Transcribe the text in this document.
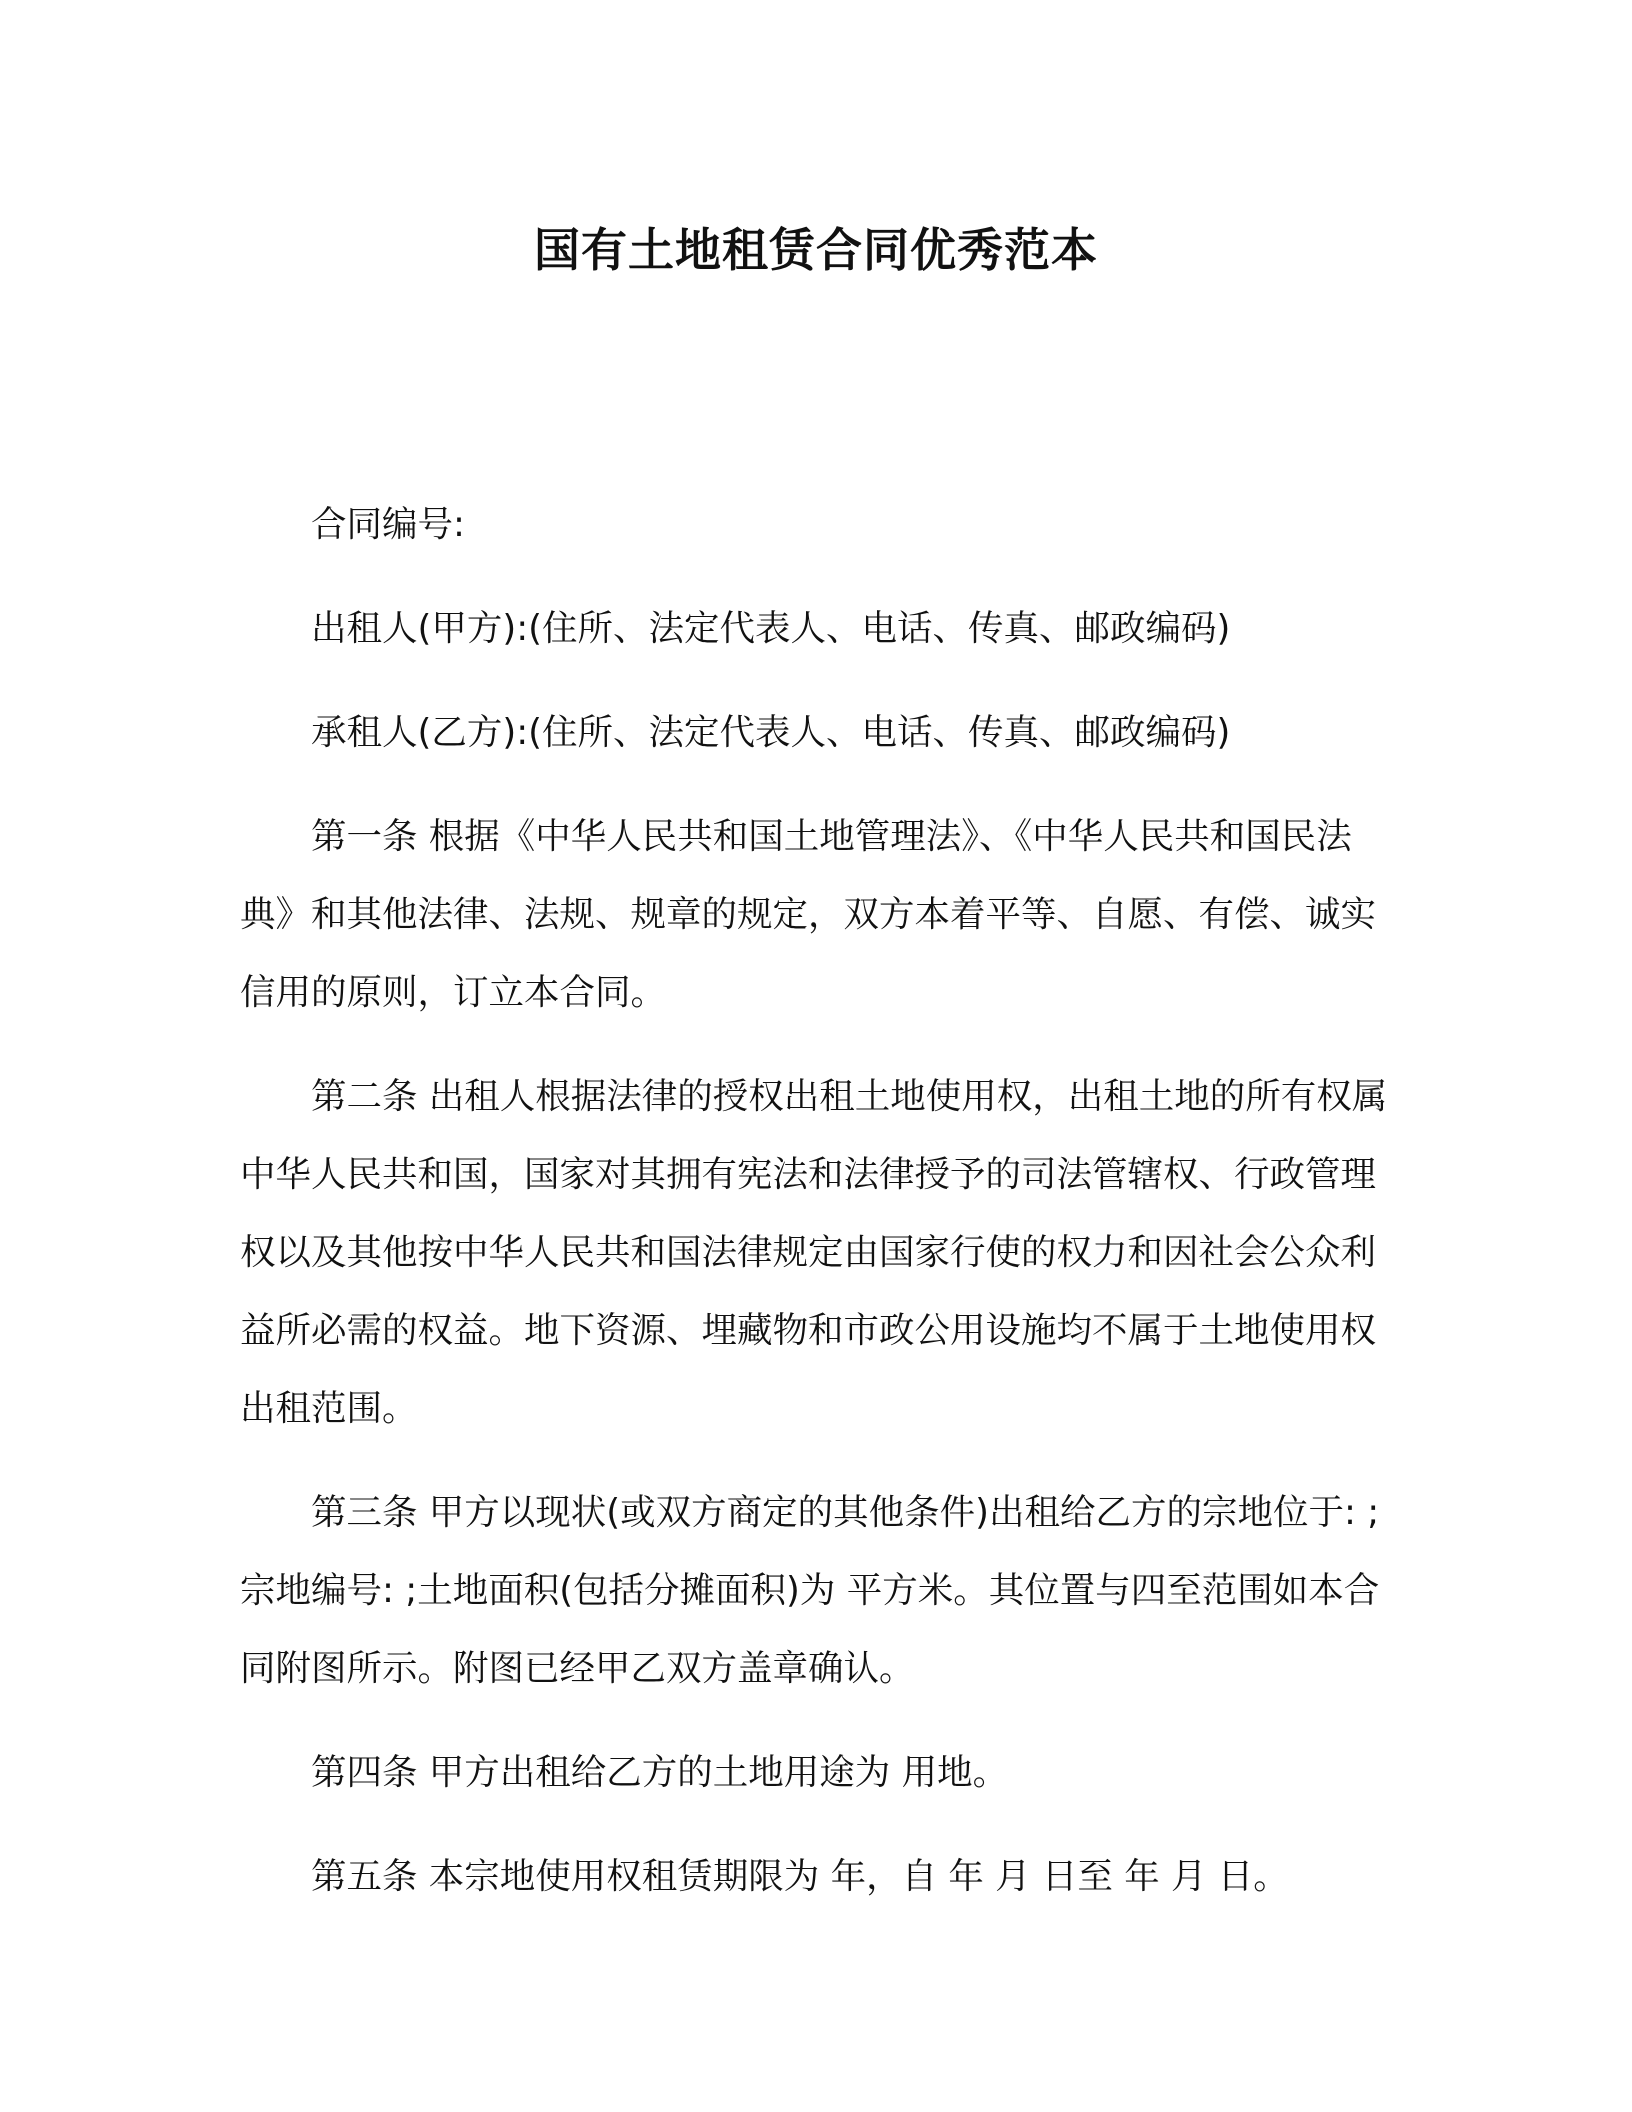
国有土地租赁合同优秀范本

合同编号:

出租人(甲方):(住所、法定代表人、电话、传真、邮政编码)

承租人(乙方):(住所、法定代表人、电话、传真、邮政编码)

第一条 根据《中华人民共和国土地管理法》、《中华人民共和国民法典》和其他法律、法规、规章的规定，双方本着平等、自愿、有偿、诚实信用的原则，订立本合同。

第二条 出租人根据法律的授权出租土地使用权，出租土地的所有权属中华人民共和国，国家对其拥有宪法和法律授予的司法管辖权、行政管理权以及其他按中华人民共和国法律规定由国家行使的权力和因社会公众利益所必需的权益。地下资源、埋藏物和市政公用设施均不属于土地使用权出租范围。

第三条 甲方以现状(或双方商定的其他条件)出租给乙方的宗地位于: ;宗地编号: ;土地面积(包括分摊面积)为 平方米。其位置与四至范围如本合同附图所示。附图已经甲乙双方盖章确认。

第四条 甲方出租给乙方的土地用途为 用地。

第五条 本宗地使用权租赁期限为 年，自 年 月 日至 年 月 日。
